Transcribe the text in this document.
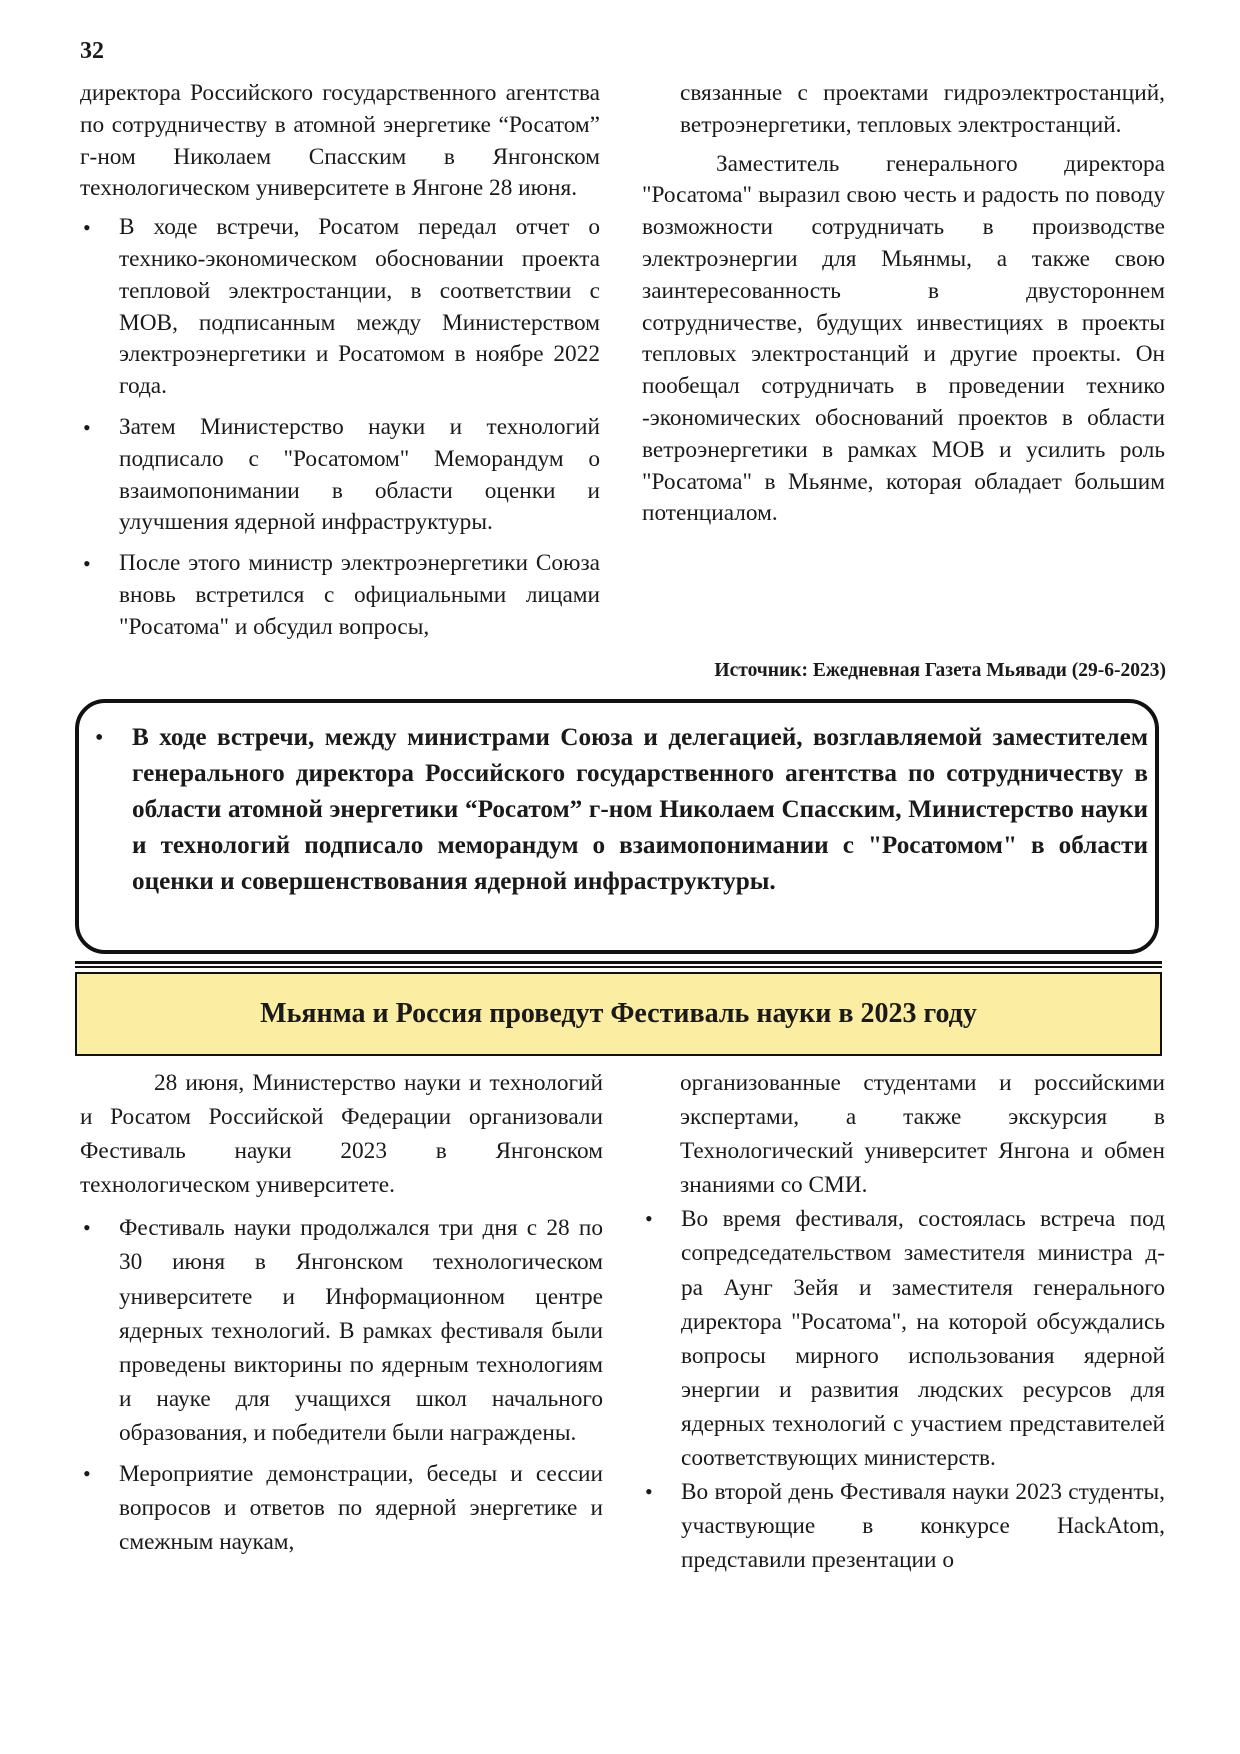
32

директора Российского государственного агентства по сотрудничеству в атомной энергетике “Росатом” г-ном Николаем Спасским в Янгонском технологическом университете в Янгоне 28 июня.

• В ходе встречи, Росатом передал отчет о технико-экономическом обосновании проекта тепловой электростанции, в соответствии с MOB, подписанным между Министерством электроэнергетики и Росатомом в ноябре 2022 года.
• Затем Министерство науки и технологий подписало с "Росатомом" Меморандум о взаимопонимании в области оценки и улучшения ядерной инфраструктуры.
• После этого министр электроэнергетики Союза вновь встретился с официальными лицами "Росатома" и обсудил вопросы,

связанные с проектами гидроэлектростанций, ветроэнергетики, тепловых электростанций.

Заместитель генерального директора "Росатома" выразил свою честь и радость по поводу возможности сотрудничать в производстве электроэнергии для Мьянмы, а также свою заинтересованность в двустороннем сотрудничестве, будущих инвестициях в проекты тепловых электростанций и другие проекты. Он пообещал сотрудничать в проведении технико -экономических обоснований проектов в области ветроэнергетики в рамках MOB и усилить роль "Росатома" в Мьянме, которая обладает большим потенциалом.

Источник: Ежедневная Газета Мьявади (29-6-2023)
• В ходе встречи, между министрами Союза и делегацией, возглавляемой заместителем генерального директора Российского государственного агентства по сотрудничеству в области атомной энергетики “Росатом” г-ном Николаем Спасским, Министерство науки и технологий подписало меморандум о взаимопонимании с "Росатомом" в области оценки и совершенствования ядерной инфраструктуры.
Мьянма и Россия проведут Фестиваль науки в 2023 году

28 июня, Министерство науки и технологий и Росатом Российской Федерации организовали Фестиваль науки 2023 в Янгонском технологическом университете.

• Фестиваль науки продолжался три дня с 28 по 30 июня в Янгонском технологическом университете и Информационном центре ядерных технологий. В рамках фестиваля были проведены викторины по ядерным технологиям и науке для учащихся школ начального образования, и победители были награждены.
• Мероприятие демонстрации, беседы и сессии вопросов и ответов по ядерной энергетике и смежным наукам,

организованные студентами и российскими экспертами, а также экскурсия в Технологический университет Янгона и обмен знаниями со СМИ.

• Во время фестиваля, состоялась встреча под сопредседательством заместителя министра д-ра Аунг Зейя и заместителя генерального директора "Росатома", на которой обсуждались вопросы мирного использования ядерной энергии и развития людских ресурсов для ядерных технологий с участием представителей соответствующих министерств.
• Во второй день Фестиваля науки 2023 студенты, участвующие в конкурсе HackAtom, представили презентации о
